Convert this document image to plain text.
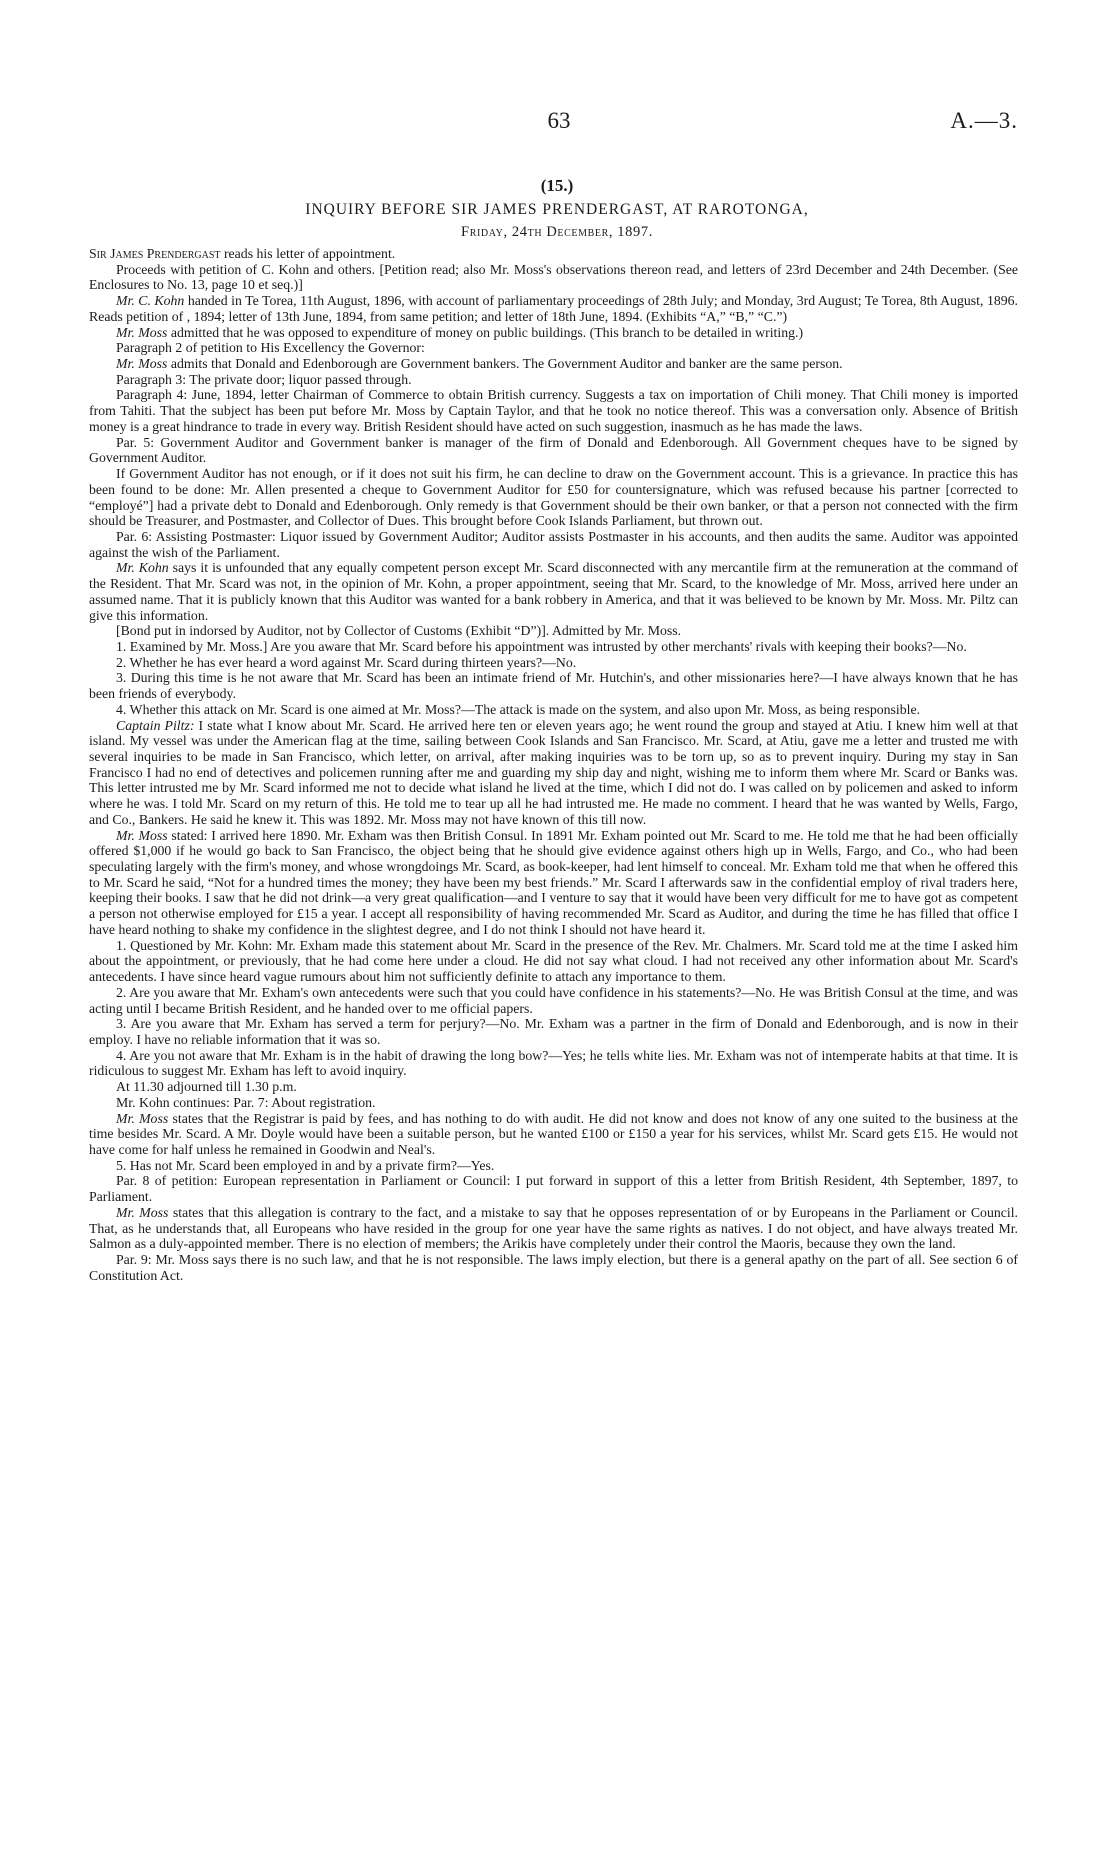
63	A.—3.
(15.)
INQUIRY BEFORE SIR JAMES PRENDERGAST, AT RAROTONGA,
Friday, 24th December, 1897.

Sir James Prendergast reads his letter of appointment.

Proceeds with petition of C. Kohn and others. [Petition read; also Mr. Moss's observations thereon read, and letters of 23rd December and 24th December. (See Enclosures to No. 13, page 10 et seq.)]

Mr. C. Kohn handed in Te Torea, 11th August, 1896, with account of parliamentary proceedings of 28th July; and Monday, 3rd August; Te Torea, 8th August, 1896. Reads petition of , 1894; letter of 13th June, 1894, from same petition; and letter of 18th June, 1894. (Exhibits “A,” “B,” “C.”)

Mr. Moss admitted that he was opposed to expenditure of money on public buildings. (This branch to be detailed in writing.)

Paragraph 2 of petition to His Excellency the Governor:

Mr. Moss admits that Donald and Edenborough are Government bankers. The Government Auditor and banker are the same person.

Paragraph 3: The private door; liquor passed through.

Paragraph 4: June, 1894, letter Chairman of Commerce to obtain British currency. Suggests a tax on importation of Chili money. That Chili money is imported from Tahiti. That the subject has been put before Mr. Moss by Captain Taylor, and that he took no notice thereof. This was a conversation only. Absence of British money is a great hindrance to trade in every way. British Resident should have acted on such suggestion, inasmuch as he has made the laws.

Par. 5: Government Auditor and Government banker is manager of the firm of Donald and Edenborough. All Government cheques have to be signed by Government Auditor.

If Government Auditor has not enough, or if it does not suit his firm, he can decline to draw on the Government account. This is a grievance. In practice this has been found to be done: Mr. Allen presented a cheque to Government Auditor for £50 for countersignature, which was refused because his partner [corrected to “employé”] had a private debt to Donald and Edenborough. Only remedy is that Government should be their own banker, or that a person not connected with the firm should be Treasurer, and Postmaster, and Collector of Dues. This brought before Cook Islands Parliament, but thrown out.

Par. 6: Assisting Postmaster: Liquor issued by Government Auditor; Auditor assists Postmaster in his accounts, and then audits the same. Auditor was appointed against the wish of the Parliament.

Mr. Kohn says it is unfounded that any equally competent person except Mr. Scard disconnected with any mercantile firm at the remuneration at the command of the Resident. That Mr. Scard was not, in the opinion of Mr. Kohn, a proper appointment, seeing that Mr. Scard, to the knowledge of Mr. Moss, arrived here under an assumed name. That it is publicly known that this Auditor was wanted for a bank robbery in America, and that it was believed to be known by Mr. Moss. Mr. Piltz can give this information.

[Bond put in indorsed by Auditor, not by Collector of Customs (Exhibit “D”)]. Admitted by Mr. Moss.

1. Examined by Mr. Moss.] Are you aware that Mr. Scard before his appointment was intrusted by other merchants' rivals with keeping their books?—No.

2. Whether he has ever heard a word against Mr. Scard during thirteen years?—No.

3. During this time is he not aware that Mr. Scard has been an intimate friend of Mr. Hutchin's, and other missionaries here?—I have always known that he has been friends of everybody.

4. Whether this attack on Mr. Scard is one aimed at Mr. Moss?—The attack is made on the system, and also upon Mr. Moss, as being responsible.

Captain Piltz: I state what I know about Mr. Scard. He arrived here ten or eleven years ago; he went round the group and stayed at Atiu. I knew him well at that island. My vessel was under the American flag at the time, sailing between Cook Islands and San Francisco. Mr. Scard, at Atiu, gave me a letter and trusted me with several inquiries to be made in San Francisco, which letter, on arrival, after making inquiries was to be torn up, so as to prevent inquiry. During my stay in San Francisco I had no end of detectives and policemen running after me and guarding my ship day and night, wishing me to inform them where Mr. Scard or Banks was. This letter intrusted me by Mr. Scard informed me not to decide what island he lived at the time, which I did not do. I was called on by policemen and asked to inform where he was. I told Mr. Scard on my return of this. He told me to tear up all he had intrusted me. He made no comment. I heard that he was wanted by Wells, Fargo, and Co., Bankers. He said he knew it. This was 1892. Mr. Moss may not have known of this till now.

Mr. Moss stated: I arrived here 1890. Mr. Exham was then British Consul. In 1891 Mr. Exham pointed out Mr. Scard to me. He told me that he had been officially offered $1,000 if he would go back to San Francisco, the object being that he should give evidence against others high up in Wells, Fargo, and Co., who had been speculating largely with the firm's money, and whose wrongdoings Mr. Scard, as book-keeper, had lent himself to conceal. Mr. Exham told me that when he offered this to Mr. Scard he said, “Not for a hundred times the money; they have been my best friends.” Mr. Scard I afterwards saw in the confidential employ of rival traders here, keeping their books. I saw that he did not drink—a very great qualification—and I venture to say that it would have been very difficult for me to have got as competent a person not otherwise employed for £15 a year. I accept all responsibility of having recommended Mr. Scard as Auditor, and during the time he has filled that office I have heard nothing to shake my confidence in the slightest degree, and I do not think I should not have heard it.

1. Questioned by Mr. Kohn: Mr. Exham made this statement about Mr. Scard in the presence of the Rev. Mr. Chalmers. Mr. Scard told me at the time I asked him about the appointment, or previously, that he had come here under a cloud. He did not say what cloud. I had not received any other information about Mr. Scard's antecedents. I have since heard vague rumours about him not sufficiently definite to attach any importance to them.

2. Are you aware that Mr. Exham's own antecedents were such that you could have confidence in his statements?—No. He was British Consul at the time, and was acting until I became British Resident, and he handed over to me official papers.

3. Are you aware that Mr. Exham has served a term for perjury?—No. Mr. Exham was a partner in the firm of Donald and Edenborough, and is now in their employ. I have no reliable information that it was so.

4. Are you not aware that Mr. Exham is in the habit of drawing the long bow?—Yes; he tells white lies. Mr. Exham was not of intemperate habits at that time. It is ridiculous to suggest Mr. Exham has left to avoid inquiry.

At 11.30 adjourned till 1.30 p.m.

Mr. Kohn continues: Par. 7: About registration.

Mr. Moss states that the Registrar is paid by fees, and has nothing to do with audit. He did not know and does not know of any one suited to the business at the time besides Mr. Scard. A Mr. Doyle would have been a suitable person, but he wanted £100 or £150 a year for his services, whilst Mr. Scard gets £15. He would not have come for half unless he remained in Goodwin and Neal's.

5. Has not Mr. Scard been employed in and by a private firm?—Yes.

Par. 8 of petition: European representation in Parliament or Council: I put forward in support of this a letter from British Resident, 4th September, 1897, to Parliament.

Mr. Moss states that this allegation is contrary to the fact, and a mistake to say that he opposes representation of or by Europeans in the Parliament or Council. That, as he understands that, all Europeans who have resided in the group for one year have the same rights as natives. I do not object, and have always treated Mr. Salmon as a duly-appointed member. There is no election of members; the Arikis have completely under their control the Maoris, because they own the land.

Par. 9: Mr. Moss says there is no such law, and that he is not responsible. The laws imply election, but there is a general apathy on the part of all. See section 6 of Constitution Act.
